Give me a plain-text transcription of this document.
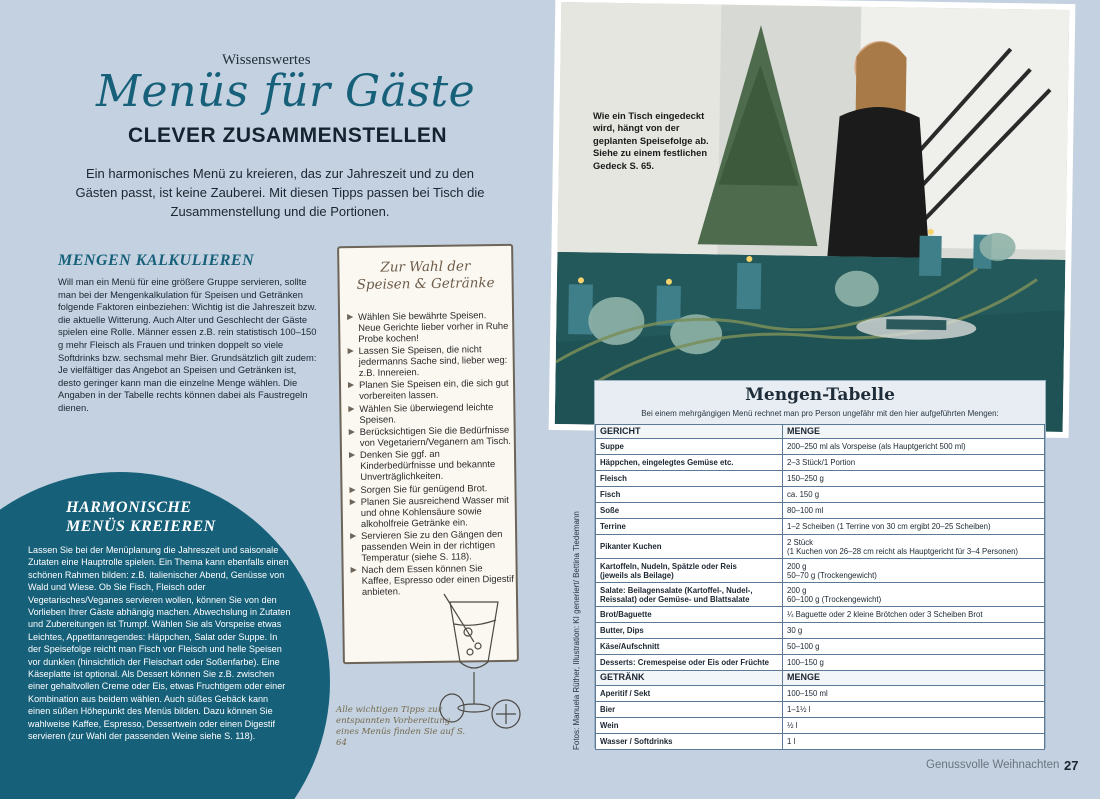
Wissenswertes
Menüs für Gäste
CLEVER ZUSAMMENSTELLEN

Ein harmonisches Menü zu kreieren, das zur Jahreszeit und zu den Gästen passt, ist keine Zauberei. Mit diesen Tipps passen bei Tisch die Zusammenstellung und die Portionen.

MENGEN KALKULIEREN

Will man ein Menü für eine größere Gruppe servieren, sollte man bei der Mengenkalkulation für Speisen und Getränken folgende Faktoren einbeziehen: Wichtig ist die Jahreszeit bzw. die aktuelle Witterung. Auch Alter und Geschlecht der Gäste spielen eine Rolle. Männer essen z.B. rein statistisch 100–150 g mehr Fleisch als Frauen und trinken doppelt so viele Softdrinks bzw. sechsmal mehr Bier. Grundsätzlich gilt zudem: Je vielfältiger das Angebot an Speisen und Getränken ist, desto geringer kann man die einzelne Menge wählen. Die Angaben in der Tabelle rechts können dabei als Faustregeln dienen.

HARMONISCHE
MENÜS KREIEREN

Lassen Sie bei der Menüplanung die Jahreszeit und saisonale Zutaten eine Hauptrolle spielen. Ein Thema kann ebenfalls einen schönen Rahmen bilden: z.B. italienischer Abend, Genüsse von Wald und Wiese. Ob Sie Fisch, Fleisch oder Vegetarisches/Veganes servieren wollen, können Sie von den Vorlieben Ihrer Gäste abhängig machen. Abwechslung in Zutaten und Zubereitungen ist Trumpf. Wählen Sie als Vorspeise etwas Leichtes, Appetitanregendes: Häppchen, Salat oder Suppe. In der Speisefolge reicht man Fisch vor Fleisch und helle Speisen vor dunklen (hinsichtlich der Fleischart oder Soßenfarbe). Eine Käseplatte ist optional. Als Dessert können Sie z.B. zwischen einer gehaltvollen Creme oder Eis, etwas Fruchtigem oder einer Kombination aus beidem wählen. Auch süßes Gebäck kann einen süßen Höhepunkt des Menüs bilden. Dazu können Sie wahlweise Kaffee, Espresso, Dessertwein oder einen Digestif servieren (zur Wahl der passenden Weine siehe S. 118).

Zur Wahl der
Speisen & Getränke
▶ Wählen Sie bewährte Speisen. Neue Gerichte lieber vorher in Ruhe Probe kochen!
▶ Lassen Sie Speisen, die nicht jedermanns Sache sind, lieber weg: z.B. Innereien.
▶ Planen Sie Speisen ein, die sich gut vorbereiten lassen.
▶ Wählen Sie überwiegend leichte Speisen.
▶ Berücksichtigen Sie die Bedürfnisse von Vegetariern/Veganern am Tisch.
▶ Denken Sie ggf. an Kinderbedürfnisse und bekannte Unverträglichkeiten.
▶ Sorgen Sie für genügend Brot.
▶ Planen Sie ausreichend Wasser mit und ohne Kohlensäure sowie alkoholfreie Getränke ein.
▶ Servieren Sie zu den Gängen den passenden Wein in der richtigen Temperatur (siehe S. 118).
▶ Nach dem Essen können Sie Kaffee, Espresso oder einen Digestif anbieten.
Alle wichtigen Tipps zur entspannten Vorbereitung eines Menüs finden Sie auf S. 64
Wie ein Tisch eingedeckt wird, hängt von der geplanten Speisefolge ab. Siehe zu einem festlichen Gedeck S. 65.
Fotos: Manuela Rüther, Illustration: KI generiert/ Bettina Tiedemann
Mengen-Tabelle
Bei einem mehrgängigen Menü rechnet man pro Person ungefähr mit den hier aufgeführten Mengen:
GERICHT	MENGE
Suppe	200–250 ml als Vorspeise (als Hauptgericht 500 ml)
Häppchen, eingelegtes Gemüse etc.	2–3 Stück/1 Portion
Fleisch	150–250 g
Fisch	ca. 150 g
Soße	80–100 ml
Terrine	1–2 Scheiben (1 Terrine von 30 cm ergibt 20–25 Scheiben)
Pikanter Kuchen	2 Stück
(1 Kuchen von 26–28 cm reicht als Hauptgericht für 3–4 Personen)
Kartoffeln, Nudeln, Spätzle oder Reis
(jeweils als Beilage)	200 g
50–70 g (Trockengewicht)
Salate: Beilagensalate (Kartoffel-, Nudel-, Reissalat) oder Gemüse- und Blattsalate	200 g
60–100 g (Trockengewicht)
Brot/Baguette	¼ Baguette oder 2 kleine Brötchen oder 3 Scheiben Brot
Butter, Dips	30 g
Käse/Aufschnitt	50–100 g
Desserts: Cremespeise oder Eis oder Früchte	100–150 g
GETRÄNK	MENGE
Aperitif / Sekt	100–150 ml
Bier	1–1½ l
Wein	½ l
Wasser / Softdrinks	1 l
Genussvolle Weihnachten 27
